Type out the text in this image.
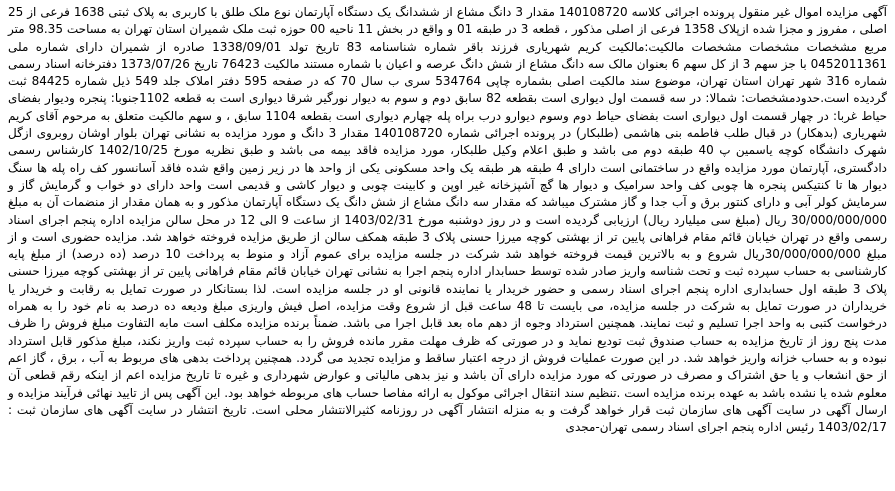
آگهی مزایده اموال غیر منقول پرونده اجرائی کلاسه 140108720 مقدار 3 دانگ مشاع از ششدانگ یک دستگاه آپارتمان نوع ملک طلق با کاربری به پلاک ثبتی 1638 فرعی از 25 اصلی ، مفروز و مجزا شده ازپلاک 1358 فرعی از اصلی مذکور ، قطعه 3 در طبقه 01 و واقع در بخش 11 ناحیه 00 حوزه ثبت ملک شمیران استان تهران به مساحت 98.35 متر مربع مشخصات مشخصات مشخصات مالکیت:مالکیت کریم شهریاری فرزند باقر شماره شناسنامه 83 تاریخ تولد 1338/09/01 صادره از شمیران دارای شماره ملی 0452011361 با جز سهم 3 از کل سهم 6 بعنوان مالک سه دانگ مشاع از شش دانگ عرصه و اعیان با شماره مستند مالکیت 76423 تاریخ 1373/07/26 دفترخانه اسناد رسمی شماره 316 شهر تهران استان تهران، موضوع سند مالکیت اصلی بشماره چاپی 534764 سری ب سال 70 که در صفحه 595 دفتر املاک جلد 549 ذیل شماره 84425 ثبت گردیده است.حدودمشخصات: شمالا: در سه قسمت اول دیواری است بقطعه 82 سابق دوم و سوم به دیوار نورگیر شرقا دیواری است به قطعه 1102جنوبا: پنجره ودیوار بفضای حیاط غربا: در چهار قسمت اول دیواری است بفضای حیاط دوم وسوم دیوارو درب براه پله چهارم دیواری است بقطعه 1104 سابق ، و سهم مالکیت متعلق به مرحوم آقای کریم شهریاری (بدهکار) در قبال طلب فاطمه بنی هاشمی (طلبکار) در پرونده اجرائی شماره 140108720 مقدار 3 دانگ و مورد مزایده به نشانی تهران بلوار اوشان روبروی ازگل شهرک دانشگاه کوچه یاسمین پ 40 طبقه دوم می باشد و طبق اعلام وکیل طلبکار، مورد مزایده فاقد بیمه می باشد و طبق نظریه مورخ 1402/10/25 کارشناس رسمی دادگستری، آپارتمان مورد مزایده واقع در ساختمانی است دارای 4 طبقه هر طبقه یک واحد مسکونی یکی از واحد ها در زیر زمین واقع شده فاقد آسانسور کف راه پله ها سنگ دیوار ها تا کنتیکس پنجره ها چوبی کف واحد سرامیک و دیوار ها گچ آشپزخانه غیر اوپن و کابینت چوبی و دیوار کاشی و قدیمی است واحد دارای دو خواب و گرمایش گاز و سرمایش کولر آبی و دارای کنتور برق و آب جدا و گاز مشترک میباشد که مقدار سه دانگ مشاع از شش دانگ یک دستگاه آپارتمان مذکور و به همان مقدار از منضمات آن به مبلغ 30/000/000/000 ریال (مبلغ سی میلیارد ریال) ارزیابی گردیده است و در روز دوشنبه مورخ 1403/02/31 از ساعت 9 الی 12 در محل سالن مزایده اداره پنجم اجرای اسناد رسمی واقع در تهران خیابان قائم مقام فراهانی پایین تر از بهشتی کوچه میرزا حسنی پلاک 3 طبقه همکف سالن از طریق مزایده فروخته خواهد شد. مزایده حضوری است و از مبلغ 30/000/000/000ریال شروع و به بالاترین قیمت فروخته خواهد شد شرکت در جلسه مزایده برای عموم آزاد و منوط به پرداخت 10 درصد (ده درصد) از مبلغ پایه کارشناسی به حساب سپرده ثبت و تحت شناسه واریز صادر شده توسط حسابدار اداره پنجم اجرا به نشانی تهران خیابان قائم مقام فراهانی پایین تر از بهشتی کوچه میرزا حسنی پلاک 3 طبقه اول حسابداری اداره پنجم اجرای اسناد رسمی و حضور خریدار یا نماینده قانونی او در جلسه مزایده است. لذا بستانکار در صورت تمایل به رقابت و خریدار یا خریداران در صورت تمایل به شرکت در جلسه مزایده، می بایست تا 48 ساعت قبل از شروع وقت مزایده، اصل فیش واریزی مبلغ ودیعه ده درصد به نام خود را به همراه درخواست کتبی به واحد اجرا تسلیم و ثبت نمایند. همچنین استرداد وجوه از دهم ماه بعد قابل اجرا می باشد. ضمناً برنده مزایده مکلف است مابه التفاوت مبلغ فروش را ظرف مدت پنج روز از تاریخ مزایده به حساب صندوق ثبت تودیع نماید و در صورتی که ظرف مهلت مقرر مانده فروش را به حساب سپرده ثبت واریز نکند، مبلغ مذکور قابل استرداد نبوده و به حساب خزانه واریز خواهد شد. در این صورت عملیات فروش از درجه اعتبار ساقط و مزایده تجدید می گردد. همچنین پرداخت بدهی های مربوط به آب ، برق ، گاز اعم از حق انشعاب و یا حق اشتراک و مصرف در صورتی که مورد مزایده دارای آن باشد و نیز بدهی مالیاتی و عوارض شهرداری و غیره تا تاریخ مزایده اعم از اینکه رقم قطعی آن معلوم شده یا نشده باشد به عهده برنده مزایده است .تنظیم سند انتقال اجرائی موکول به ارائه مفاصا حساب های مربوطه خواهد بود. این آگهی پس از تایید نهائی فرآیند مزایده و ارسال آگهی در سایت آگهی های سازمان ثبت قرار خواهد گرفت و به منزله انتشار آگهی در روزنامه کثیرالانتشار محلی است. تاریخ انتشار در سایت آگهی های سازمان ثبت : 1403/02/17 رئیس اداره پنجم اجرای اسناد رسمی تهران-مجدی
